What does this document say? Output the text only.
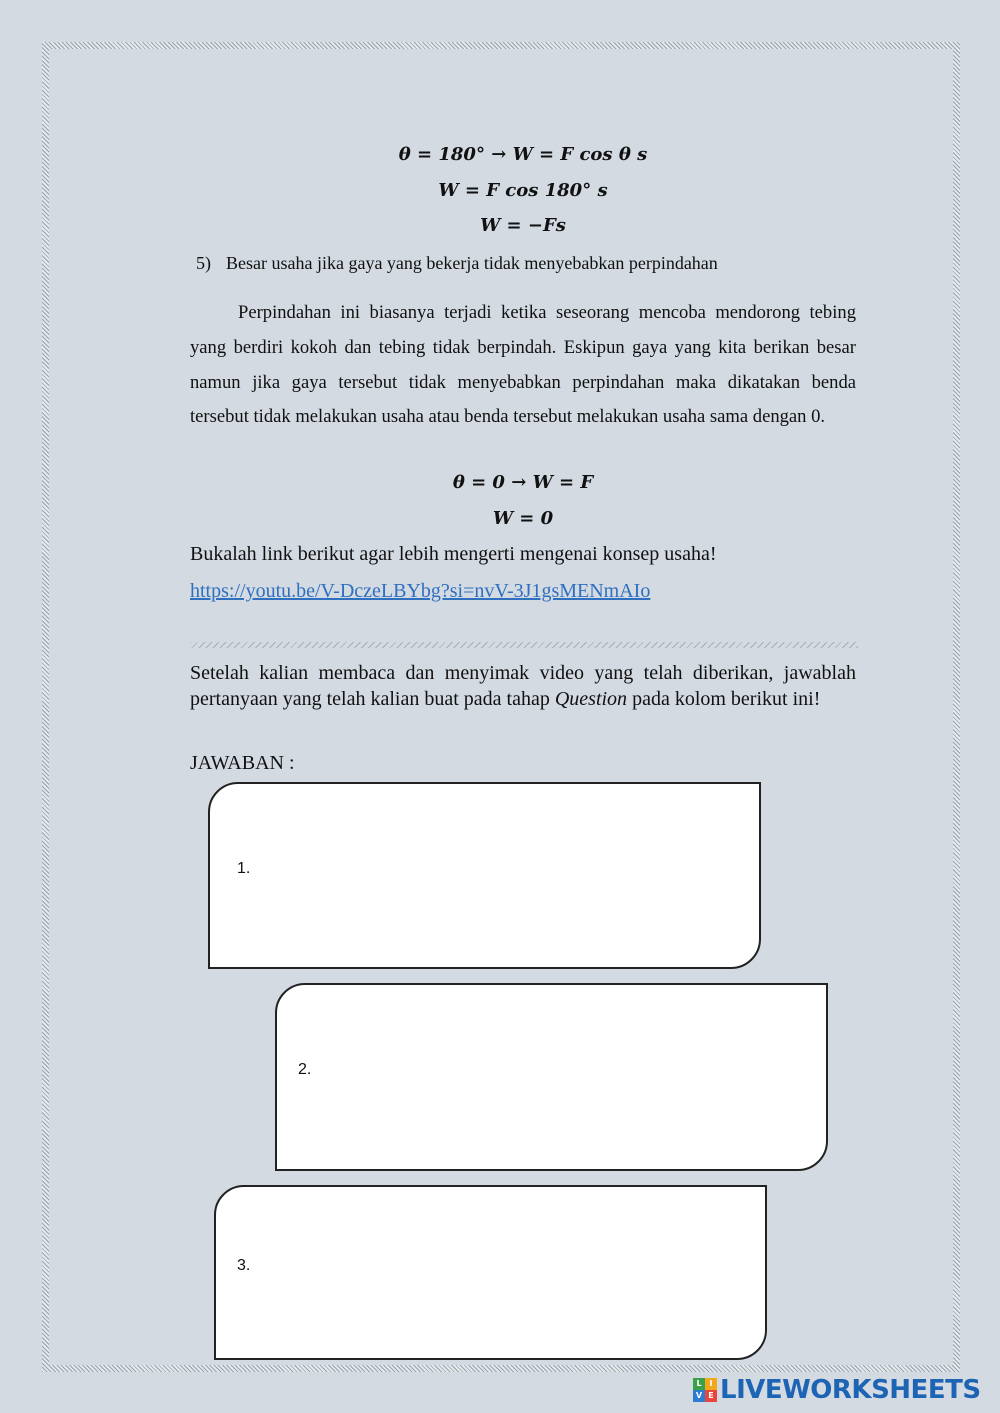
θ = 180° → W = F cos θ s
W = F cos 180° s
W = −Fs
5) Besar usaha jika gaya yang bekerja tidak menyebabkan perpindahan

Perpindahan ini biasanya terjadi ketika seseorang mencoba mendorong tebing yang berdiri kokoh dan tebing tidak berpindah. Eskipun gaya yang kita berikan besar namun jika gaya tersebut tidak menyebabkan perpindahan maka dikatakan benda tersebut tidak melakukan usaha atau benda tersebut melakukan usaha sama dengan 0.

θ = 0 → W = F
W = 0
Bukalah link berikut agar lebih mengerti mengenai konsep usaha!
https://youtu.be/V-DczeLBYbg?si=nvV-3J1gsMENmAIo

Setelah kalian membaca dan menyimak video yang telah diberikan, jawablah pertanyaan yang telah kalian buat pada tahap Question pada kolom berikut ini!

JAWABAN :
1.
2.
3.
L I
V E LIVEWORKSHEETS
